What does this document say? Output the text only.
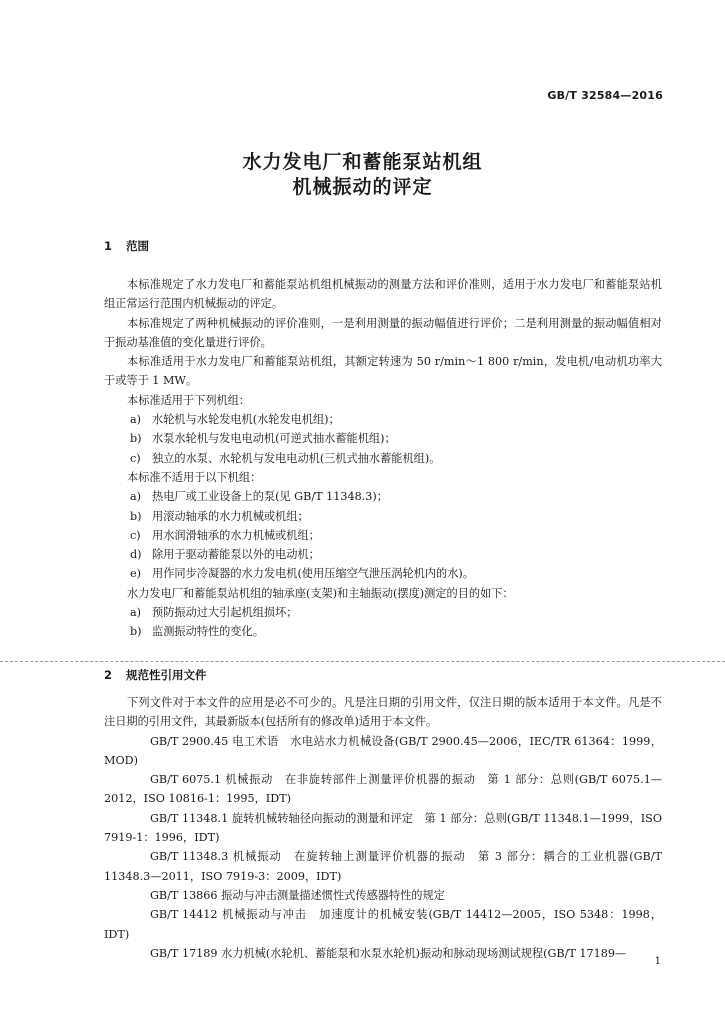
GB/T 32584—2016
水力发电厂和蓄能泵站机组
机械振动的评定
1 范围

本标准规定了水力发电厂和蓄能泵站机组机械振动的测量方法和评价准则，适用于水力发电厂和蓄能泵站机组正常运行范围内机械振动的评定。

本标准规定了两种机械振动的评价准则，一是利用测量的振动幅值进行评价；二是利用测量的振动幅值相对于振动基准值的变化量进行评价。

本标准适用于水力发电厂和蓄能泵站机组，其额定转速为 50 r/min～1 800 r/min，发电机/电动机功率大于或等于 1 MW。

本标准适用于下列机组：

a) 水轮机与水轮发电机(水轮发电机组)；

b) 水泵水轮机与发电电动机(可逆式抽水蓄能机组)；

c) 独立的水泵、水轮机与发电电动机(三机式抽水蓄能机组)。

本标准不适用于以下机组：

a) 热电厂或工业设备上的泵(见 GB/T 11348.3)；

b) 用滚动轴承的水力机械或机组；

c) 用水润滑轴承的水力机械或机组；

d) 除用于驱动蓄能泵以外的电动机；

e) 用作同步冷凝器的水力发电机(使用压缩空气泄压涡轮机内的水)。

水力发电厂和蓄能泵站机组的轴承座(支架)和主轴振动(摆度)测定的目的如下：

a) 预防振动过大引起机组损坏；

b) 监测振动特性的变化。

2 规范性引用文件

下列文件对于本文件的应用是必不可少的。凡是注日期的引用文件，仅注日期的版本适用于本文件。凡是不注日期的引用文件，其最新版本(包括所有的修改单)适用于本文件。

GB/T 2900.45 电工术语　水电站水力机械设备(GB/T 2900.45—2006，IEC/TR 61364：1999，MOD)

GB/T 6075.1 机械振动　在非旋转部件上测量评价机器的振动　第 1 部分：总则(GB/T 6075.1—2012，ISO 10816-1：1995，IDT)

GB/T 11348.1 旋转机械转轴径向振动的测量和评定　第 1 部分：总则(GB/T 11348.1—1999，ISO 7919-1：1996，IDT)

GB/T 11348.3 机械振动　在旋转轴上测量评价机器的振动　第 3 部分：耦合的工业机器(GB/T 11348.3—2011，ISO 7919-3：2009，IDT)

GB/T 13866 振动与冲击测量描述惯性式传感器特性的规定

GB/T 14412 机械振动与冲击　加速度计的机械安装(GB/T 14412—2005，ISO 5348：1998，IDT)

GB/T 17189 水力机械(水轮机、蓄能泵和水泵水轮机)振动和脉动现场测试规程(GB/T 17189—

1
